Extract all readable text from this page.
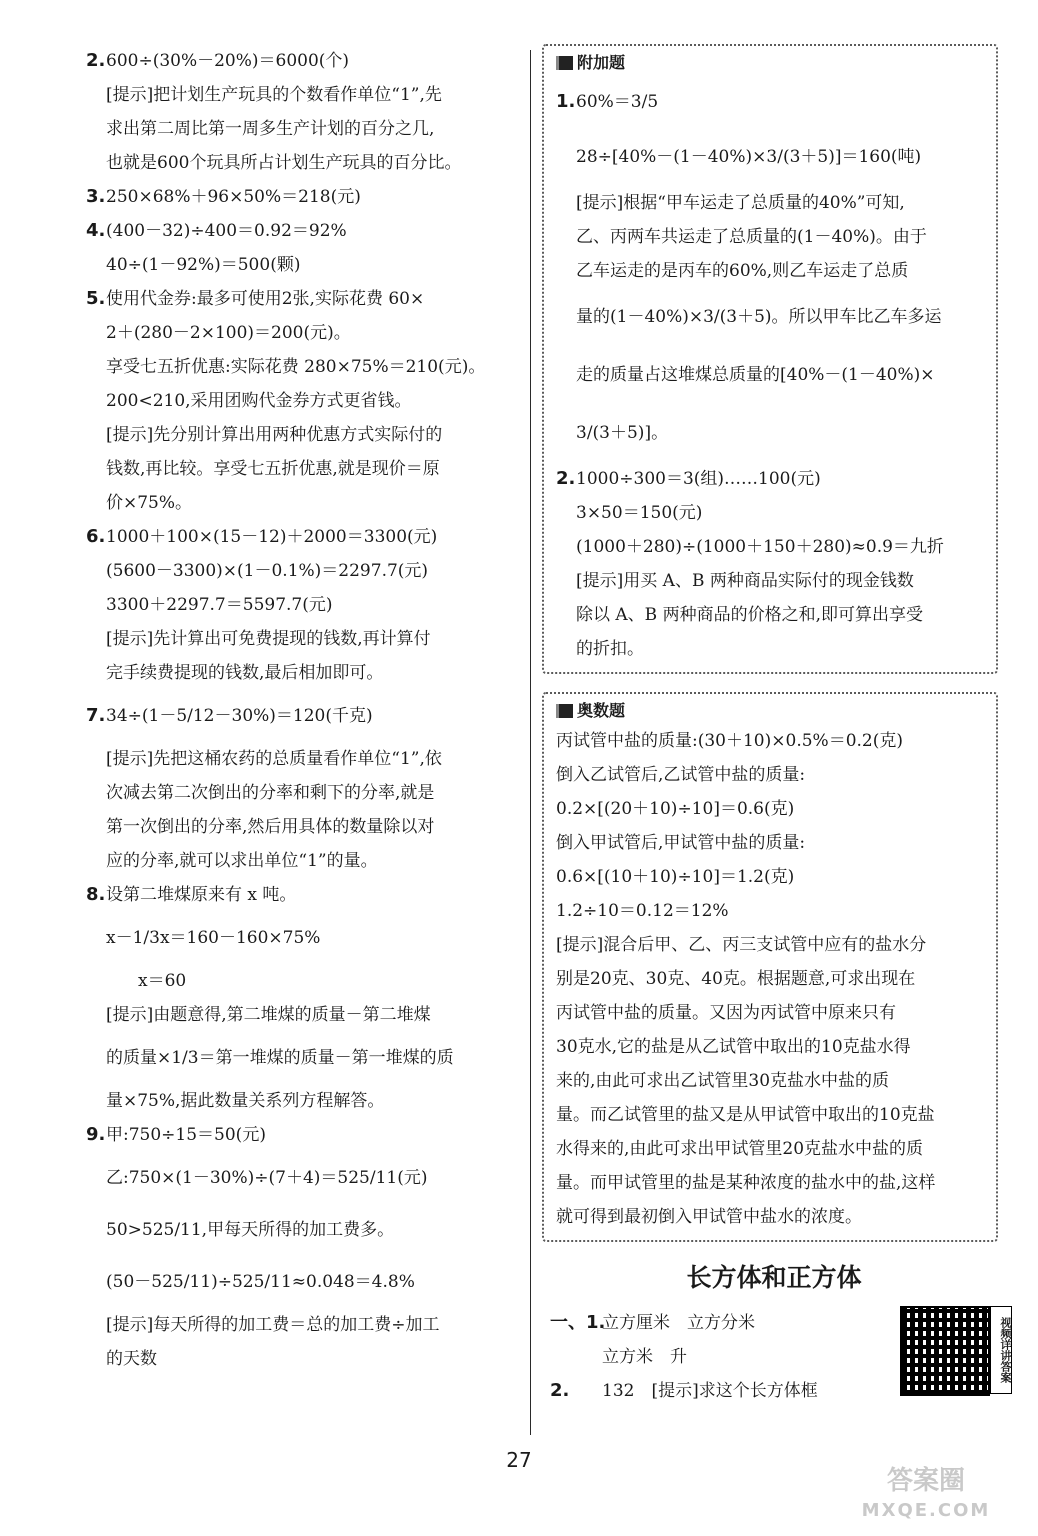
2. 600÷(30%－20%)＝6000(个)
[提示]把计划生产玩具的个数看作单位“1”,先
求出第二周比第一周多生产计划的百分之几,
也就是600个玩具所占计划生产玩具的百分比。
3. 250×68%＋96×50%＝218(元)
4. (400－32)÷400＝0.92＝92%
40÷(1－92%)＝500(颗)
5. 使用代金券:最多可使用2张,实际花费 60×
2＋(280－2×100)＝200(元)。
享受七五折优惠:实际花费 280×75%＝210(元)。
200<210,采用团购代金券方式更省钱。
[提示]先分别计算出用两种优惠方式实际付的
钱数,再比较。享受七五折优惠,就是现价＝原
价×75%。
6. 1000＋100×(15－12)＋2000＝3300(元)
(5600－3300)×(1－0.1%)＝2297.7(元)
3300＋2297.7＝5597.7(元)
[提示]先计算出可免费提现的钱数,再计算付
完手续费提现的钱数,最后相加即可。
7. 34÷(1－5/12－30%)＝120(千克)
[提示]先把这桶农药的总质量看作单位“1”,依
次减去第二次倒出的分率和剩下的分率,就是
第一次倒出的分率,然后用具体的数量除以对
应的分率,就可以求出单位“1”的量。
8. 设第二堆煤原来有 x 吨。
x－1/3x＝160－160×75%
x＝60
[提示]由题意得,第二堆煤的质量－第二堆煤
的质量×1/3＝第一堆煤的质量－第一堆煤的质
量×75%,据此数量关系列方程解答。
9. 甲:750÷15＝50(元)
乙:750×(1－30%)÷(7＋4)＝525/11(元)
50>525/11,甲每天所得的加工费多。
(50－525/11)÷525/11≈0.048＝4.8%
[提示]每天所得的加工费＝总的加工费÷加工
的天数
附加题
1. 60%＝3/5
28÷[40%－(1－40%)×3/(3＋5)]＝160(吨)
[提示]根据“甲车运走了总质量的40%”可知,
乙、丙两车共运走了总质量的(1－40%)。由于
乙车运走的是丙车的60%,则乙车运走了总质
量的(1－40%)×3/(3＋5)。所以甲车比乙车多运
走的质量占这堆煤总质量的[40%－(1－40%)×
3/(3＋5)]。
2. 1000÷300＝3(组)……100(元)
3×50＝150(元)
(1000＋280)÷(1000＋150＋280)≈0.9＝九折
[提示]用买 A、B 两种商品实际付的现金钱数
除以 A、B 两种商品的价格之和,即可算出享受
的折扣。
奥数题
丙试管中盐的质量:(30＋10)×0.5%＝0.2(克)
倒入乙试管后,乙试管中盐的质量:
0.2×[(20＋10)÷10]＝0.6(克)
倒入甲试管后,甲试管中盐的质量:
0.6×[(10＋10)÷10]＝1.2(克)
1.2÷10＝0.12＝12%
[提示]混合后甲、乙、丙三支试管中应有的盐水分
别是20克、30克、40克。根据题意,可求出现在
丙试管中盐的质量。又因为丙试管中原来只有
30克水,它的盐是从乙试管中取出的10克盐水得
来的,由此可求出乙试管里30克盐水中盐的质
量。而乙试管里的盐又是从甲试管中取出的10克盐
水得来的,由此可求出甲试管里20克盐水中盐的质
量。而甲试管里的盐是某种浓度的盐水中的盐,这样
就可得到最初倒入甲试管中盐水的浓度。
长方体和正方体
一、1.
立方厘米　立方分米
立方米　升
2. 132　[提示]求这个长方体框
视频详讲答案
27
答案圈
MXQE.COM
